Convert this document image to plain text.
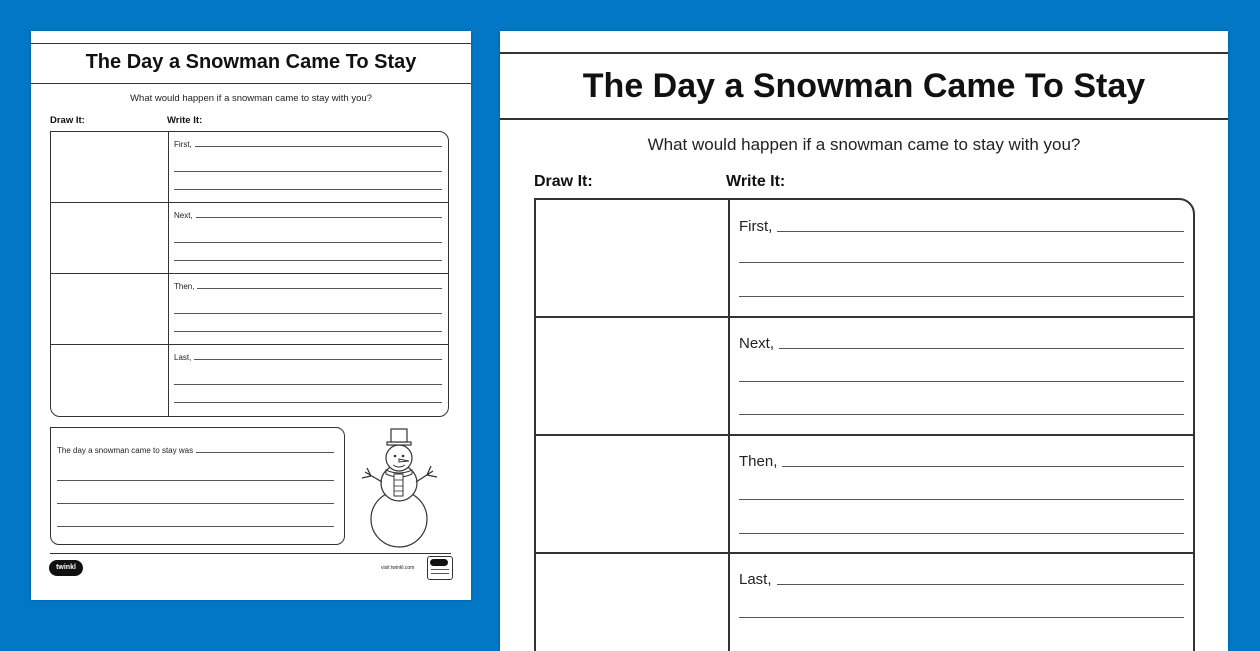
The Day a Snowman Came To Stay
What would happen if a snowman came to stay with you?
Draw It:	Write It:
First,
Next,
Then,
Last,
The day a snowman came to stay was
twinkl	visit twinkl.com
The Day a Snowman Came To Stay
What would happen if a snowman came to stay with you?
Draw It:	Write It:
First,
Next,
Then,
Last,
